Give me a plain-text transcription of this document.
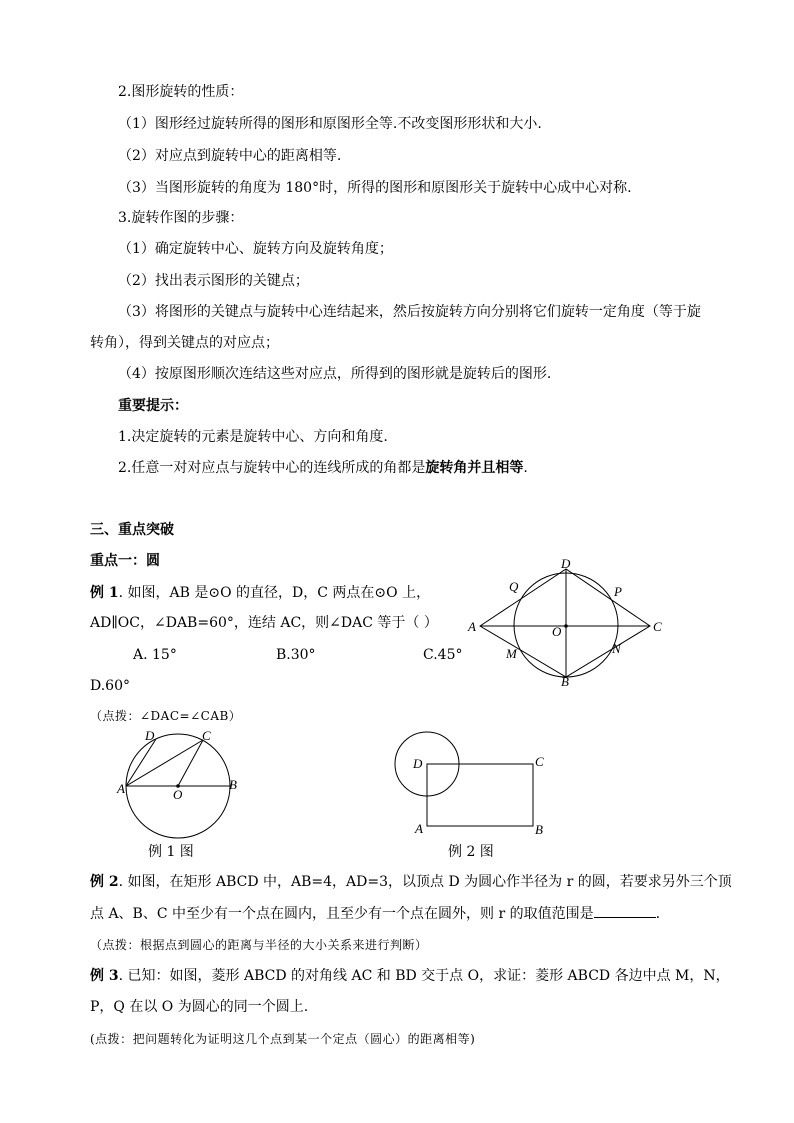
2.图形旋转的性质：
（1）图形经过旋转所得的图形和原图形全等.不改变图形形状和大小.
（2）对应点到旋转中心的距离相等.
（3）当图形旋转的角度为 180°时，所得的图形和原图形关于旋转中心成中心对称.
3.旋转作图的步骤：
（1）确定旋转中心、旋转方向及旋转角度；
（2）找出表示图形的关键点；
（3）将图形的关键点与旋转中心连结起来，然后按旋转方向分别将它们旋转一定角度（等于旋
转角），得到关键点的对应点；
（4）按原图形顺次连结这些对应点，所得到的图形就是旋转后的图形.
重要提示：
1.决定旋转的元素是旋转中心、方向和角度.
2.任意一对对应点与旋转中心的连线所成的角都是旋转角并且相等.
三、重点突破
重点一：圆
例 1. 如图，AB 是⊙O 的直径，D，C 两点在⊙O 上，
AD∥OC，∠DAB=60°，连结 AC，则∠DAC 等于（ ）
A. 15°	B.30°	C.45°
D.60°
（点拨：∠DAC=∠CAB）
D
Q	P
A	O	C
M	N
B
D	C
A	O
B
例 1 图
D	C
A	B
例 2 图
例 2. 如图，在矩形 ABCD 中，AB=4，AD=3，以顶点 D 为圆心作半径为 r 的圆，若要求另外三个顶
点 A、B、C 中至少有一个点在圆内，且至少有一个点在圆外，则 r 的取值范围是	.
（点拨：根据点到圆心的距离与半径的大小关系来进行判断）
例 3. 已知：如图，菱形 ABCD 的对角线 AC 和 BD 交于点 O，求证：菱形 ABCD 各边中点 M，N，
P，Q 在以 O 为圆心的同一个圆上.
(点拨：把问题转化为证明这几个点到某一个定点（圆心）的距离相等)
